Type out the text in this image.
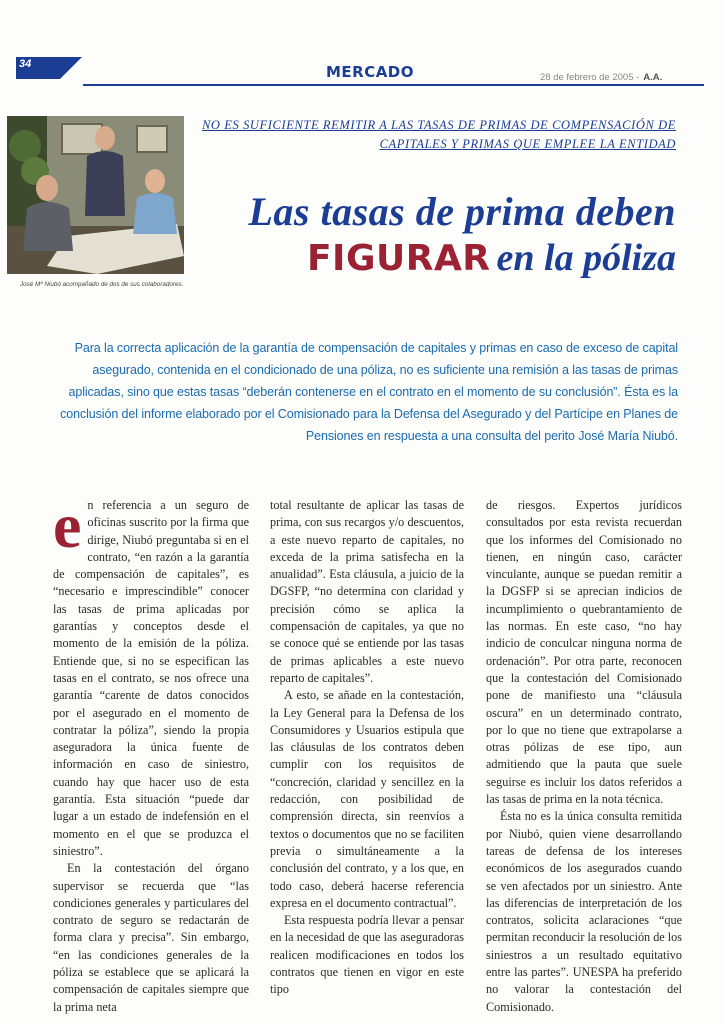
34	MERCADO	28 de febrero de 2005 - A.A.
José Mª Niubó acompañado de dos de sus colaboradores.
NO ES SUFICIENTE REMITIR A LAS TASAS DE PRIMAS DE COMPENSACIÓN DE CAPITALES Y PRIMAS QUE EMPLEE LA ENTIDAD
Las tasas de prima deben
FIGURAR en la póliza
Para la correcta aplicación de la garantía de compensación de capitales y primas en caso de exceso de capital asegurado, contenida en el condicionado de una póliza, no es suficiente una remisión a las tasas de primas aplicadas, sino que estas tasas “deberán contenerse en el contrato en el momento de su conclusión”. Ésta es la conclusión del informe elaborado por el Comisionado para la Defensa del Asegurado y del Partícipe en Planes de Pensiones en respuesta a una consulta del perito José María Niubó.

en referencia a un seguro de oficinas suscrito por la firma que dirige, Niubó preguntaba si en el contrato, “en razón a la garantía de compensación de capitales”, es “necesario e imprescindible” conocer las tasas de prima aplicadas por garantías y conceptos desde el momento de la emisión de la póliza. Entiende que, si no se especifican las tasas en el contrato, se nos ofrece una garantía “carente de datos conocidos por el asegurado en el momento de contratar la póliza”, siendo la propia aseguradora la única fuente de información en caso de siniestro, cuando hay que hacer uso de esta garantía. Esta situación “puede dar lugar a un estado de indefensión en el momento en el que se produzca el siniestro”.

En la contestación del órgano supervisor se recuerda que “las condiciones generales y particulares del contrato de seguro se redactarán de forma clara y precisa”. Sin embargo, “en las condiciones generales de la póliza se establece que se aplicará la compensación de capitales siempre que la prima neta

total resultante de aplicar las tasas de prima, con sus recargos y/o descuentos, a este nuevo reparto de capitales, no exceda de la prima satisfecha en la anualidad”. Esta cláusula, a juicio de la DGSFP, “no determina con claridad y precisión cómo se aplica la compensación de capitales, ya que no se conoce qué se entiende por las tasas de primas aplicables a este nuevo reparto de capitales”.

A esto, se añade en la contestación, la Ley General para la Defensa de los Consumidores y Usuarios estipula que las cláusulas de los contratos deben cumplir con los requisitos de “concreción, claridad y sencillez en la redacción, con posibilidad de comprensión directa, sin reenvíos a textos o documentos que no se faciliten previa o simultáneamente a la conclusión del contrato, y a los que, en todo caso, deberá hacerse referencia expresa en el documento contractual”.

Esta respuesta podría llevar a pensar en la necesidad de que las aseguradoras realicen modificaciones en todos los contratos que tienen en vigor en este tipo

de riesgos. Expertos jurídicos consultados por esta revista recuerdan que los informes del Comisionado no tienen, en ningún caso, carácter vinculante, aunque se puedan remitir a la DGSFP si se aprecian indicios de incumplimiento o quebrantamiento de las normas. En este caso, “no hay indicio de conculcar ninguna norma de ordenación”. Por otra parte, reconocen que la contestación del Comisionado pone de manifiesto una “cláusula oscura” en un determinado contrato, por lo que no tiene que extrapolarse a otras pólizas de ese tipo, aun admitiendo que la pauta que suele seguirse es incluir los datos referidos a las tasas de prima en la nota técnica.

Ésta no es la única consulta remitida por Niubó, quien viene desarrollando tareas de defensa de los intereses económicos de los asegurados cuando se ven afectados por un siniestro. Ante las diferencias de interpretación de los contratos, solicita aclaraciones “que permitan reconducir la resolución de los siniestros a un resultado equitativo entre las partes”. UNESPA ha preferido no valorar la contestación del Comisionado.
